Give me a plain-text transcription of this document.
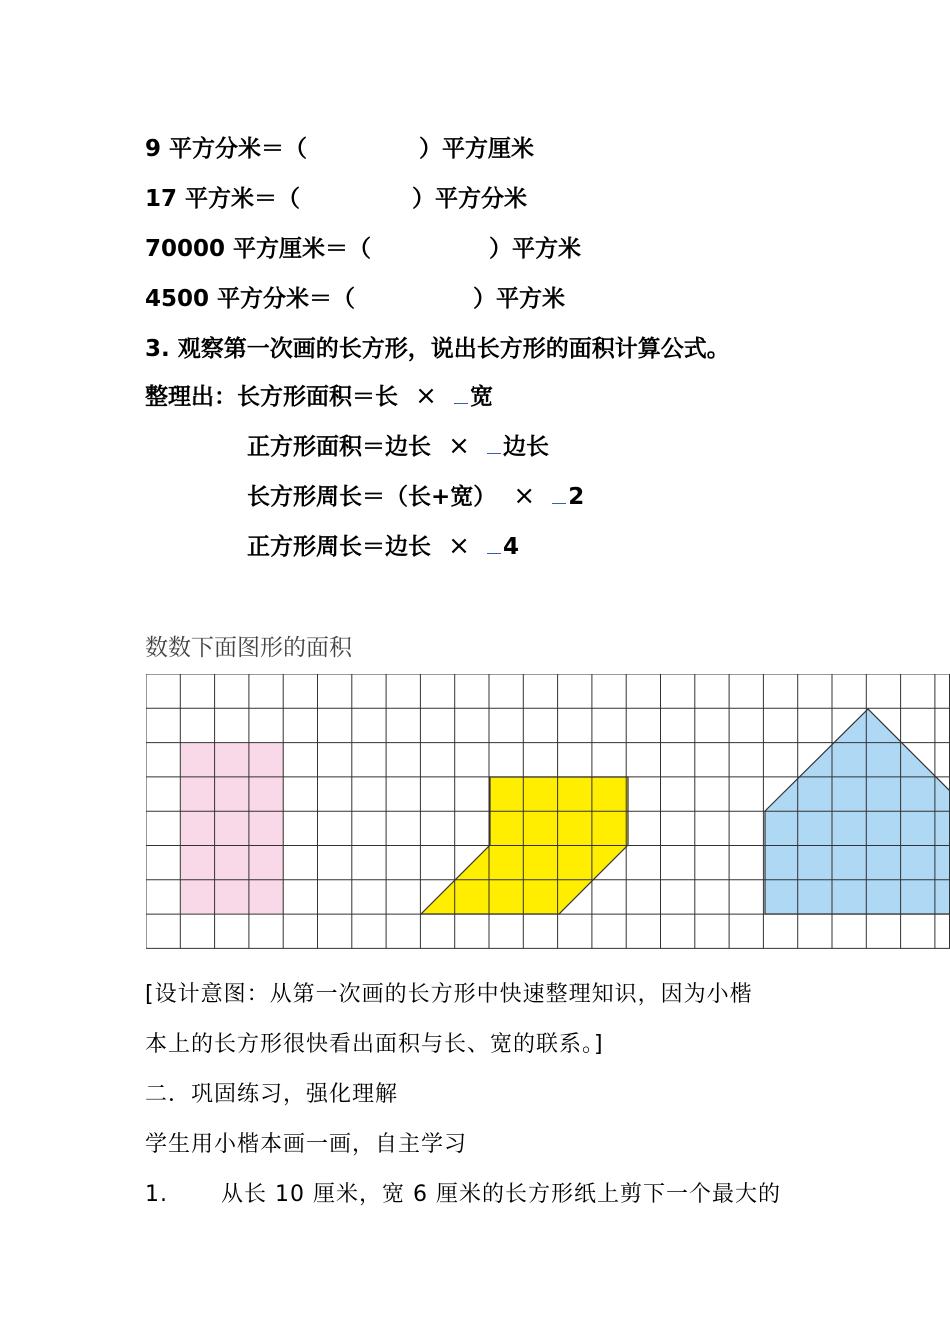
9 平方分米＝（	）平方厘米
17 平方米＝（	）平方分米
70000 平方厘米＝（	）平方米
4500 平方分米＝（	）平方米
3. 观察第一次画的长方形，说出长方形的面积计算公式。
整理出：长方形面积＝长 × 宽
正方形面积＝边长 × 边长
长方形周长＝（长+宽） × 2
正方形周长＝边长 × 4
数数下面图形的面积
[设计意图：从第一次画的长方形中快速整理知识，因为小楷
本上的长方形很快看出面积与长、宽的联系。]
二．巩固练习，强化理解
学生用小楷本画一画，自主学习
1. 从长 10 厘米，宽 6 厘米的长方形纸上剪下一个最大的
